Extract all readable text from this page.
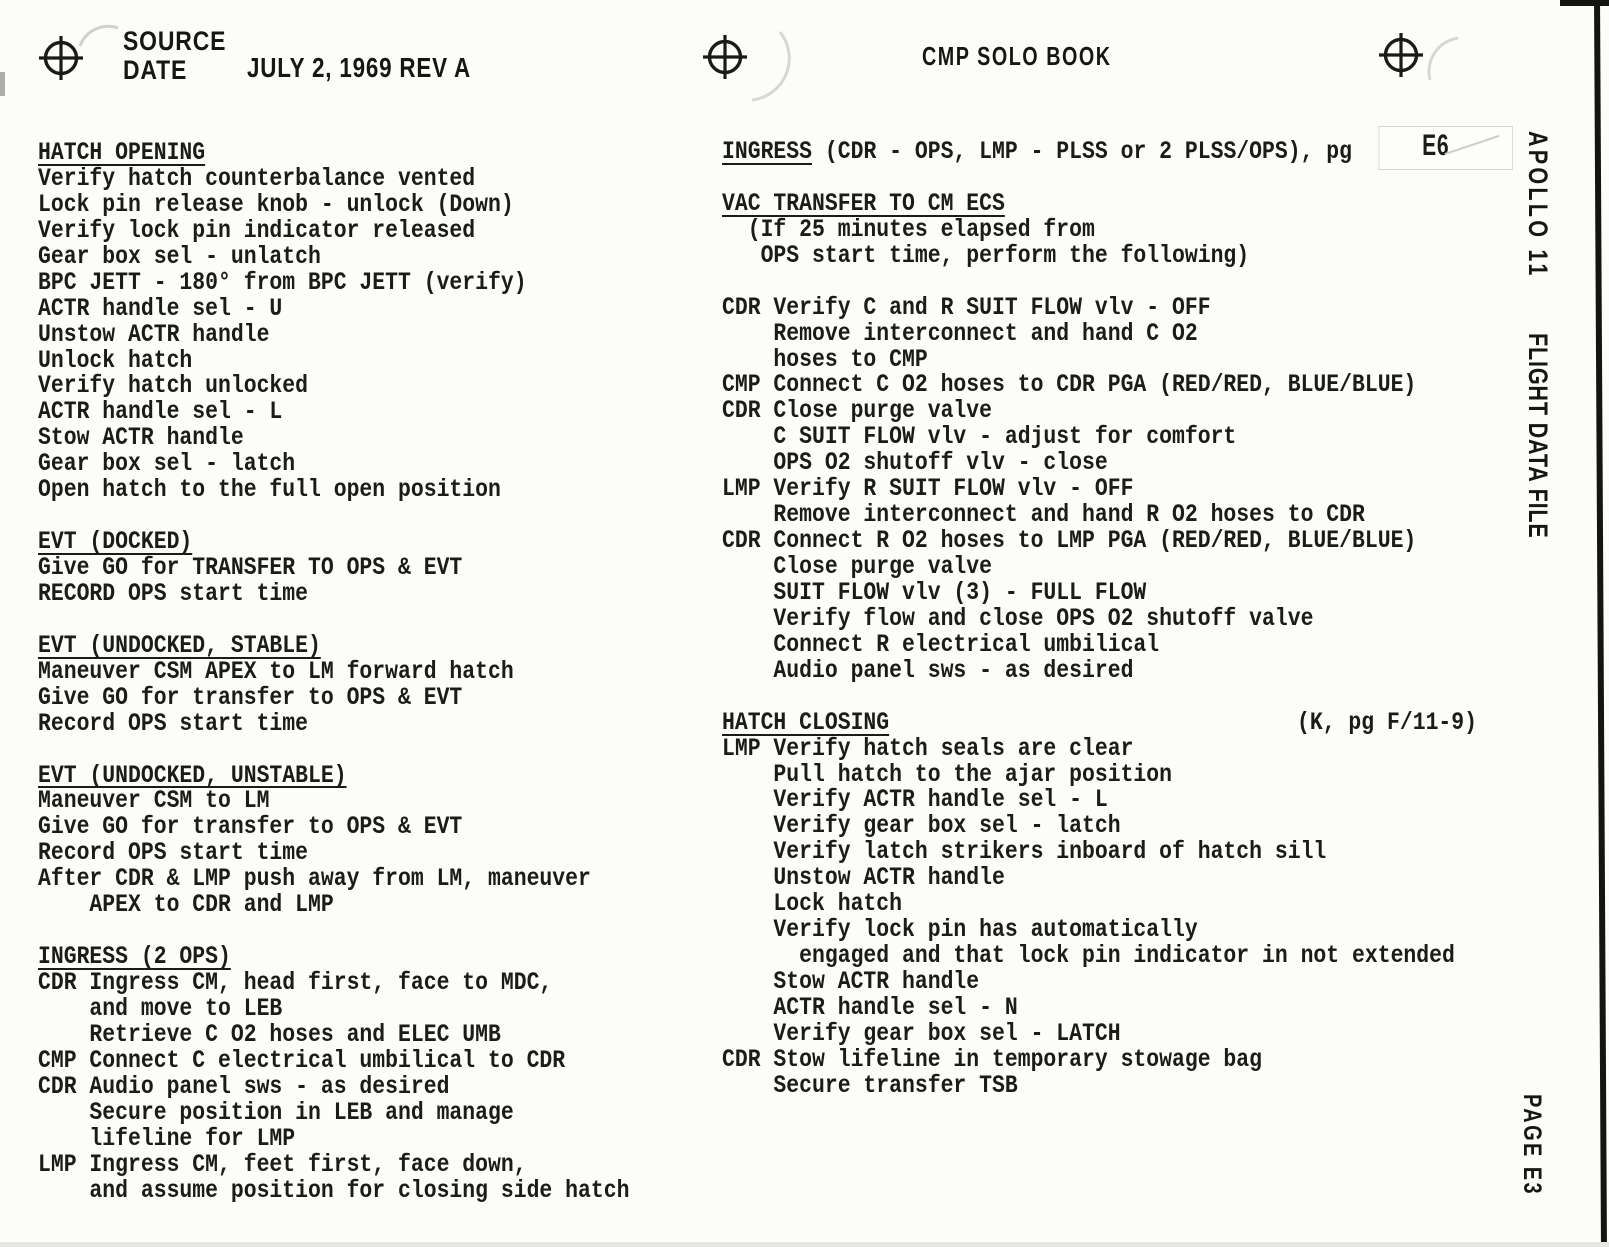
SOURCE
DATE JULY 2, 1969 REV A	CMP SOLO BOOK
HATCH OPENING
Verify hatch counterbalance vented
Lock pin release knob - unlock (Down)
Verify lock pin indicator released
Gear box sel - unlatch
BPC JETT - 180° from BPC JETT (verify)
ACTR handle sel - U
Unstow ACTR handle
Unlock hatch
Verify hatch unlocked
ACTR handle sel - L
Stow ACTR handle
Gear box sel - latch
Open hatch to the full open position
EVT (DOCKED)
Give GO for TRANSFER TO OPS & EVT
RECORD OPS start time
EVT (UNDOCKED, STABLE)
Maneuver CSM APEX to LM forward hatch
Give GO for transfer to OPS & EVT
Record OPS start time
EVT (UNDOCKED, UNSTABLE)
Maneuver CSM to LM
Give GO for transfer to OPS & EVT
Record OPS start time
After CDR & LMP push away from LM, maneuver
APEX to CDR and LMP
INGRESS (2 OPS)
CDR Ingress CM, head first, face to MDC,
and move to LEB
Retrieve C O2 hoses and ELEC UMB
CMP Connect C electrical umbilical to CDR
CDR Audio panel sws - as desired
Secure position in LEB and manage
lifeline for LMP
LMP Ingress CM, feet first, face down,
and assume position for closing side hatch
INGRESS (CDR - OPS, LMP - PLSS or 2 PLSS/OPS), pg E6
VAC TRANSFER TO CM ECS
(If 25 minutes elapsed from
OPS start time, perform the following)
CDR Verify C and R SUIT FLOW vlv - OFF
Remove interconnect and hand C O2
hoses to CMP
CMP Connect C O2 hoses to CDR PGA (RED/RED, BLUE/BLUE)
CDR Close purge valve
C SUIT FLOW vlv - adjust for comfort
OPS O2 shutoff vlv - close
LMP Verify R SUIT FLOW vlv - OFF
Remove interconnect and hand R O2 hoses to CDR
CDR Connect R O2 hoses to LMP PGA (RED/RED, BLUE/BLUE)
Close purge valve
SUIT FLOW vlv (3) - FULL FLOW
Verify flow and close OPS O2 shutoff valve
Connect R electrical umbilical
Audio panel sws - as desired
HATCH CLOSING	(K, pg F/11-9)
LMP Verify hatch seals are clear
Pull hatch to the ajar position
Verify ACTR handle sel - L
Verify gear box sel - latch
Verify latch strikers inboard of hatch sill
Unstow ACTR handle
Lock hatch
Verify lock pin has automatically
engaged and that lock pin indicator in not extended
Stow ACTR handle
ACTR handle sel - N
Verify gear box sel - LATCH
CDR Stow lifeline in temporary stowage bag
Secure transfer TSB
APOLLO 11FLIGHT DATA FILE
PAGE E3
